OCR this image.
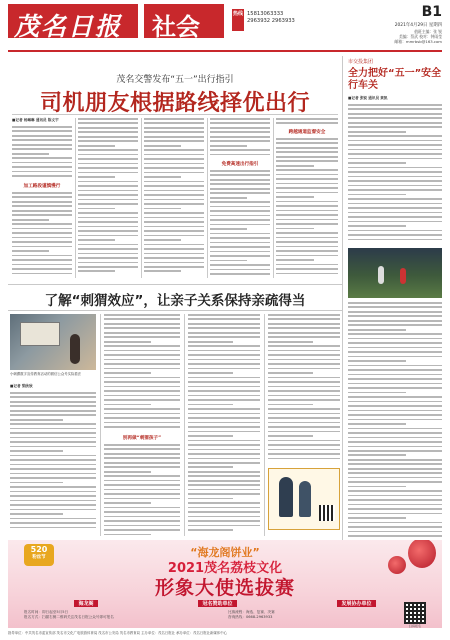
茂名日报 社会	热线 15813063333
2963932 2963933
B1
2021年4月29日 星期四
值班主编：张 锐
美编：蔡武 校对：钟雨莹
邮箱：mmrbsb@163.com
茂名交警发布“五一”出行指引
司机朋友根据路线择优出行
■记者 杨琳琳 通讯员 陈文宇
加工路段谨慎慢行
免费高速出行指引
跨越通道监督安全
市交投集团
全力把好“五一”安全行车关
■记者 张锐 通讯员 黄凯
了解“刺猬效应”，让亲子关系保持亲疏得当
小刺猬数字宣传教育活动的微信公众号实际看法
■记者 梁欣欣
别再做“刺猬孩子”
520
粉丝节	“海龙阁饼业”
2021茂名荔枝文化
形象大使选拔赛
海龙阁	冠名赞助单位	发展协办单位
报名时间：即日起至5月5日
报名方式：扫描右侧二维码关注茂名日报公众号即可报名
比赛流程：海选、复赛、决赛
咨询热线：0668-2963933
扫码报名
指导单位：中共茂名市委宣传部 茂名市文化广电旅游体育局 茂名市公安局 茂名市教育局 主办单位：茂名日报社 承办单位：茂名日报社新媒体中心
